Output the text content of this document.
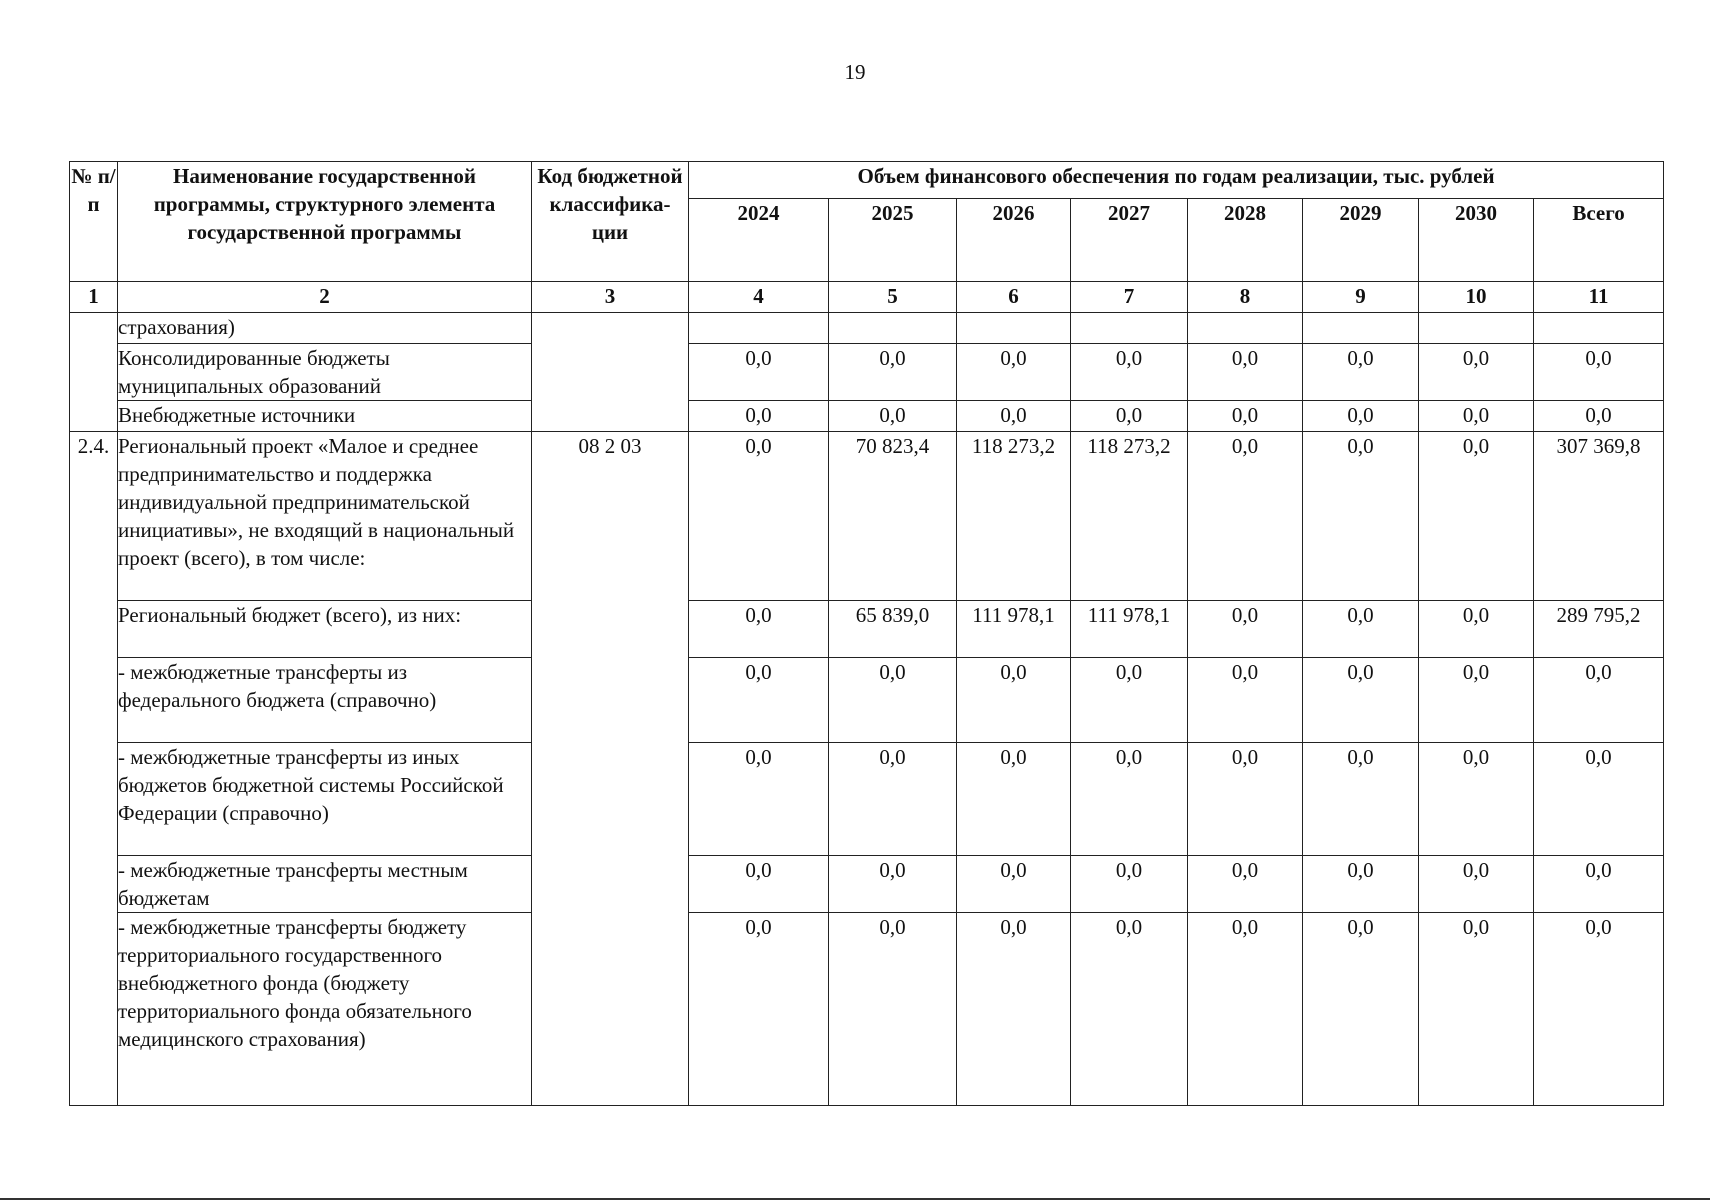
19
№ п/п	Наименование государственной программы, структурного элемента государственной программы	Код бюджетной классифика-ции	Объем финансового обеспечения по годам реализации, тыс. рублей							
			2024	2025	2026	2027	2028	2029	2030	Всего
1	2	3	4	5	6	7	8	9	10	11
	страхования)									
	Консолидированные бюджеты муниципальных образований		0,0	0,0	0,0	0,0	0,0	0,0	0,0	0,0
	Внебюджетные источники		0,0	0,0	0,0	0,0	0,0	0,0	0,0	0,0
2.4.	Региональный проект «Малое и среднее предпринимательство и поддержка индивидуальной предпринимательской инициативы», не входящий в национальный проект (всего), в том числе:	08 2 03	0,0	70 823,4	118 273,2	118 273,2	0,0	0,0	0,0	307 369,8
	Региональный бюджет (всего), из них:		0,0	65 839,0	111 978,1	111 978,1	0,0	0,0	0,0	289 795,2
	- межбюджетные трансферты из федерального бюджета (справочно)		0,0	0,0	0,0	0,0	0,0	0,0	0,0	0,0
	- межбюджетные трансферты из иных бюджетов бюджетной системы Российской Федерации (справочно)		0,0	0,0	0,0	0,0	0,0	0,0	0,0	0,0
	- межбюджетные трансферты местным бюджетам		0,0	0,0	0,0	0,0	0,0	0,0	0,0	0,0
	- межбюджетные трансферты бюджету территориального государственного внебюджетного фонда (бюджету территориального фонда обязательного медицинского страхования)		0,0	0,0	0,0	0,0	0,0	0,0	0,0	0,0
